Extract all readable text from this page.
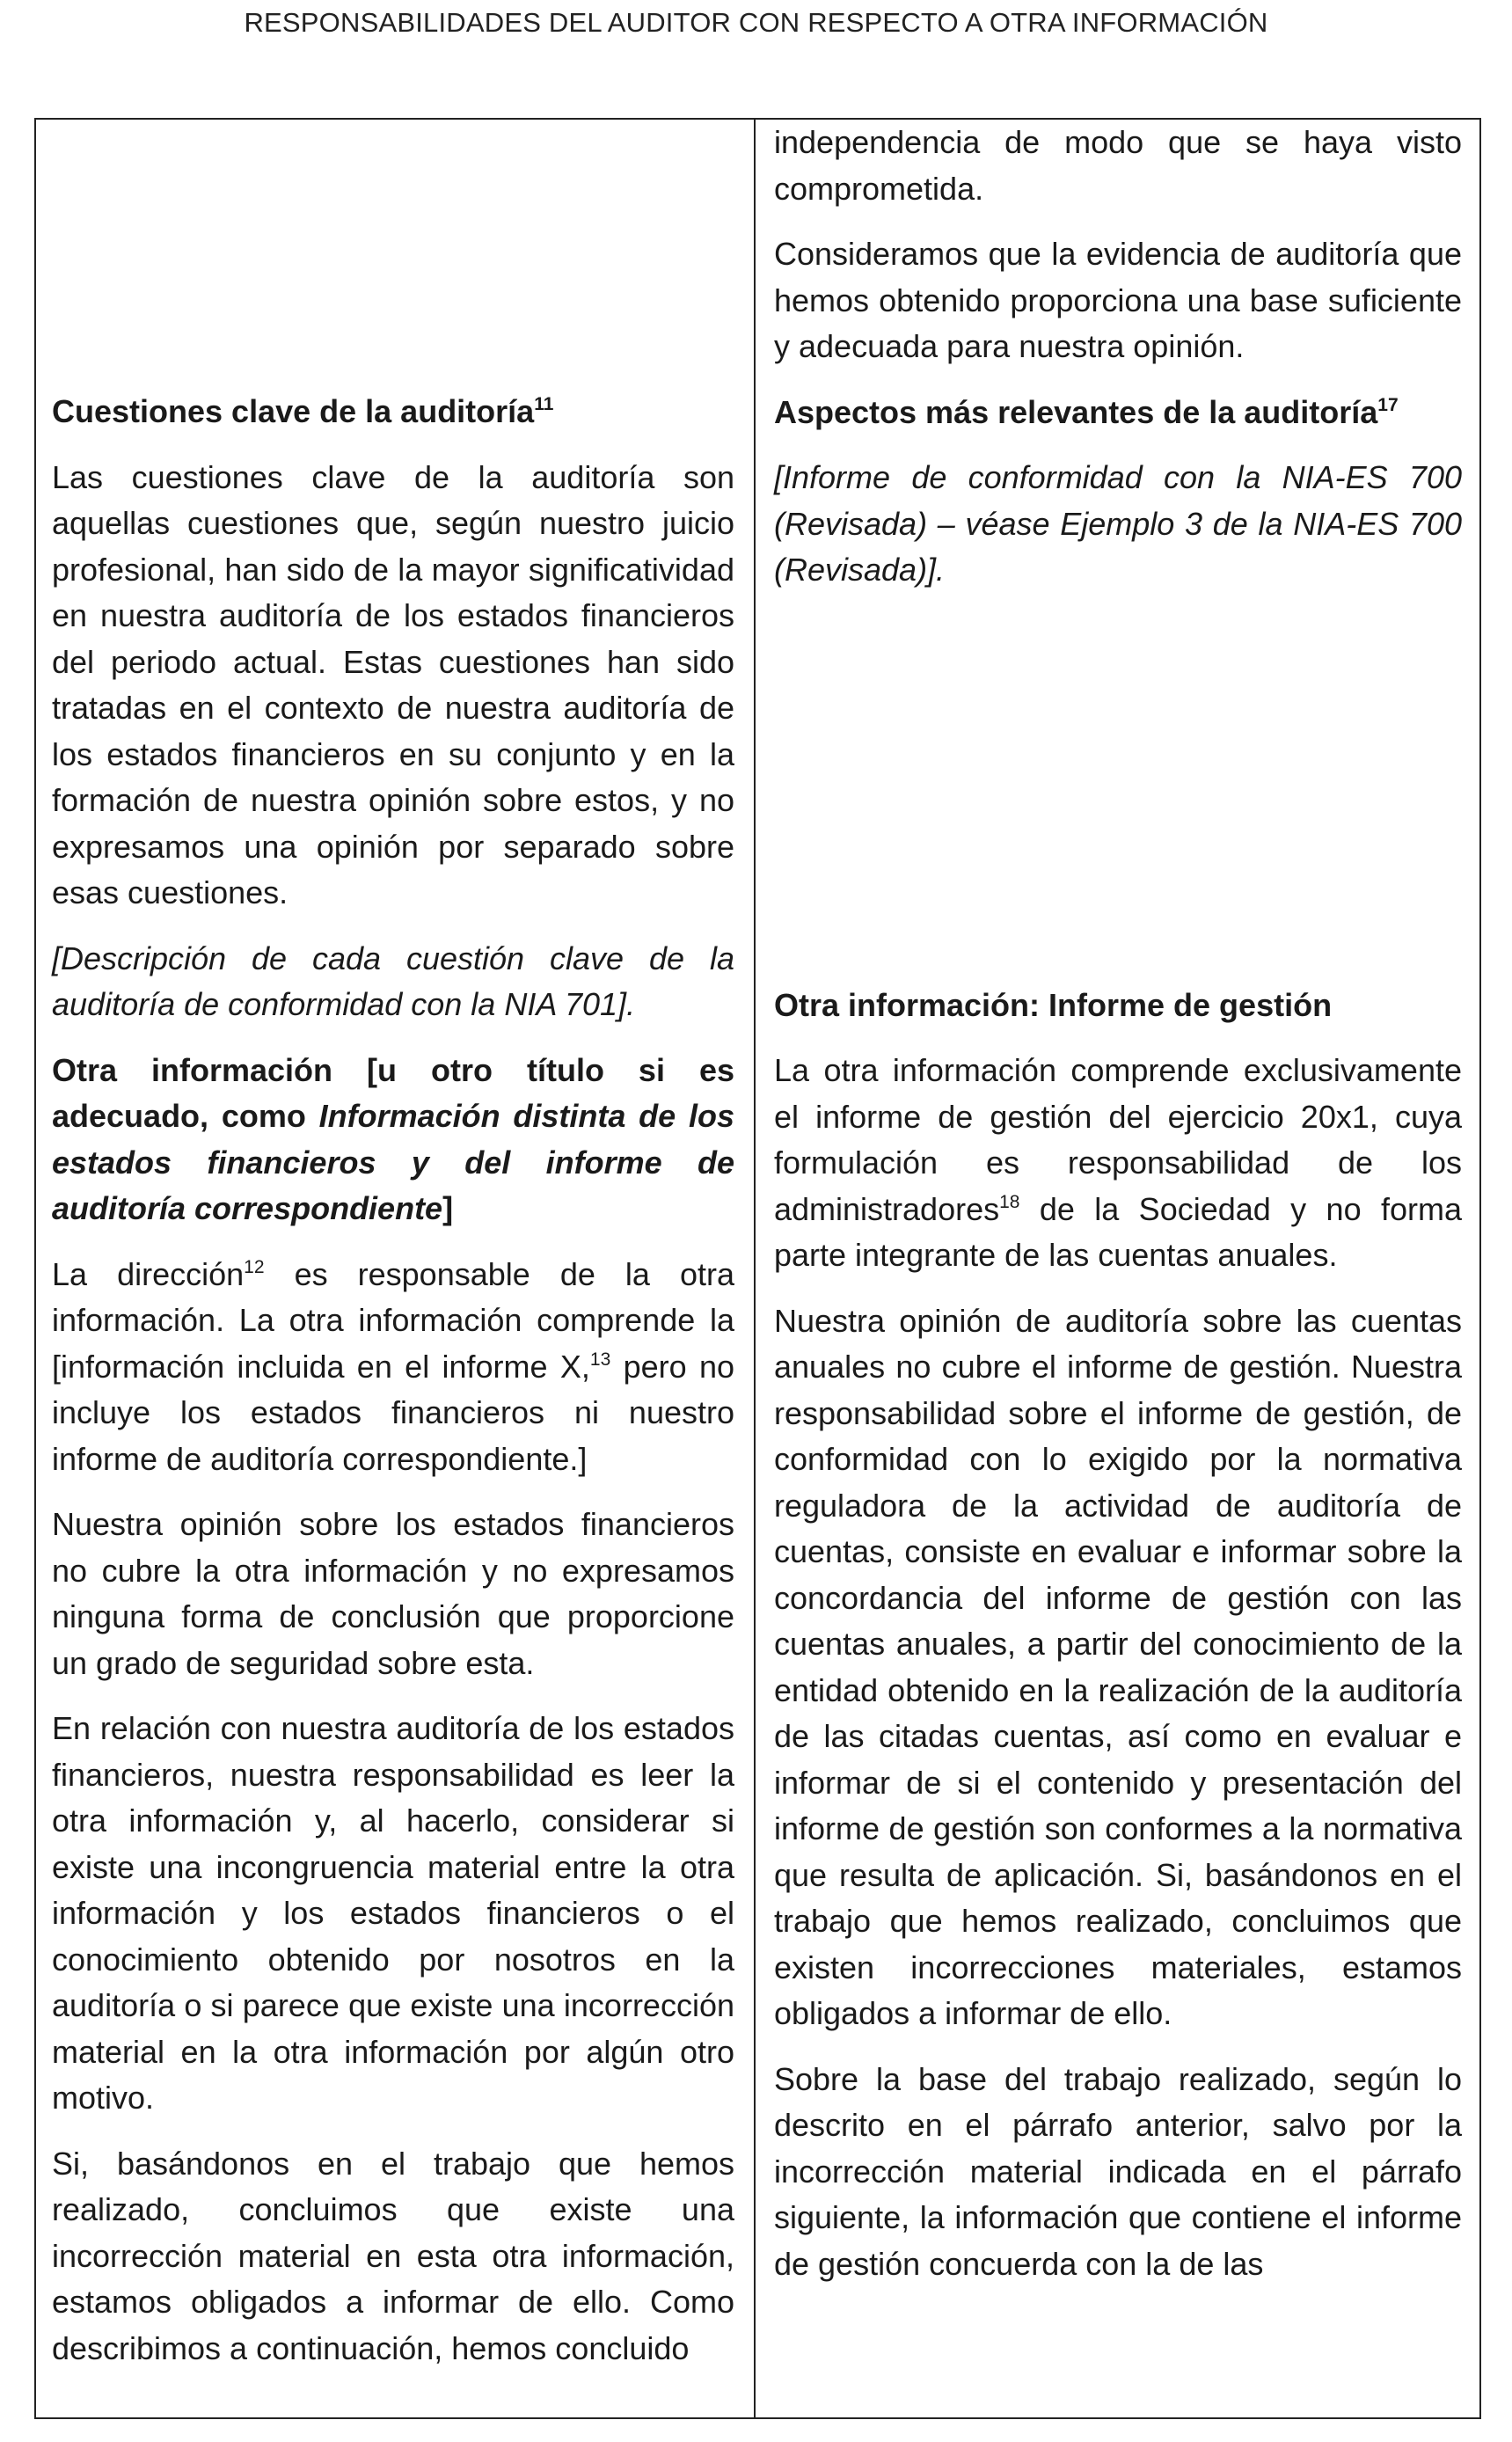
RESPONSABILIDADES DEL AUDITOR CON RESPECTO A OTRA INFORMACIÓN

Cuestiones clave de la auditoría$^{11}$

Las cuestiones clave de la auditoría son aquellas cuestiones que, según nuestro juicio profesional, han sido de la mayor significatividad en nuestra auditoría de los estados financieros del periodo actual. Estas cuestiones han sido tratadas en el contexto de nuestra auditoría de los estados financieros en su conjunto y en la formación de nuestra opinión sobre estos, y no expresamos una opinión por separado sobre esas cuestiones.

[Descripción de cada cuestión clave de la auditoría de conformidad con la NIA 701].

Otra información [u otro título si es adecuado, como Información distinta de los estados financieros y del informe de auditoría correspondiente]

La dirección$^{12}$ es responsable de la otra información. La otra información comprende la [información incluida en el informe X,$^{13}$ pero no incluye los estados financieros ni nuestro informe de auditoría correspondiente.]

Nuestra opinión sobre los estados financieros no cubre la otra información y no expresamos ninguna forma de conclusión que proporcione un grado de seguridad sobre esta.

En relación con nuestra auditoría de los estados financieros, nuestra responsabilidad es leer la otra información y, al hacerlo, considerar si existe una incongruencia material entre la otra información y los estados financieros o el conocimiento obtenido por nosotros en la auditoría o si parece que existe una incorrección material en la otra información por algún otro motivo.

Si, basándonos en el trabajo que hemos realizado, concluimos que existe una incorrección material en esta otra información, estamos obligados a informar de ello. Como describimos a continuación, hemos concluido

independencia de modo que se haya visto comprometida.

Consideramos que la evidencia de auditoría que hemos obtenido proporciona una base suficiente y adecuada para nuestra opinión.

Aspectos más relevantes de la auditoría$^{17}$

[Informe de conformidad con la NIA-ES 700 (Revisada) – véase Ejemplo 3 de la NIA-ES 700 (Revisada)].

Otra información: Informe de gestión

La otra información comprende exclusivamente el informe de gestión del ejercicio 20x1, cuya formulación es responsabilidad de los administradores$^{18}$ de la Sociedad y no forma parte integrante de las cuentas anuales.

Nuestra opinión de auditoría sobre las cuentas anuales no cubre el informe de gestión. Nuestra responsabilidad sobre el informe de gestión, de conformidad con lo exigido por la normativa reguladora de la actividad de auditoría de cuentas, consiste en evaluar e informar sobre la concordancia del informe de gestión con las cuentas anuales, a partir del conocimiento de la entidad obtenido en la realización de la auditoría de las citadas cuentas, así como en evaluar e informar de si el contenido y presentación del informe de gestión son conformes a la normativa que resulta de aplicación. Si, basándonos en el trabajo que hemos realizado, concluimos que existen incorrecciones materiales, estamos obligados a informar de ello.

Sobre la base del trabajo realizado, según lo descrito en el párrafo anterior, salvo por la incorrección material indicada en el párrafo siguiente, la información que contiene el informe de gestión concuerda con la de las
